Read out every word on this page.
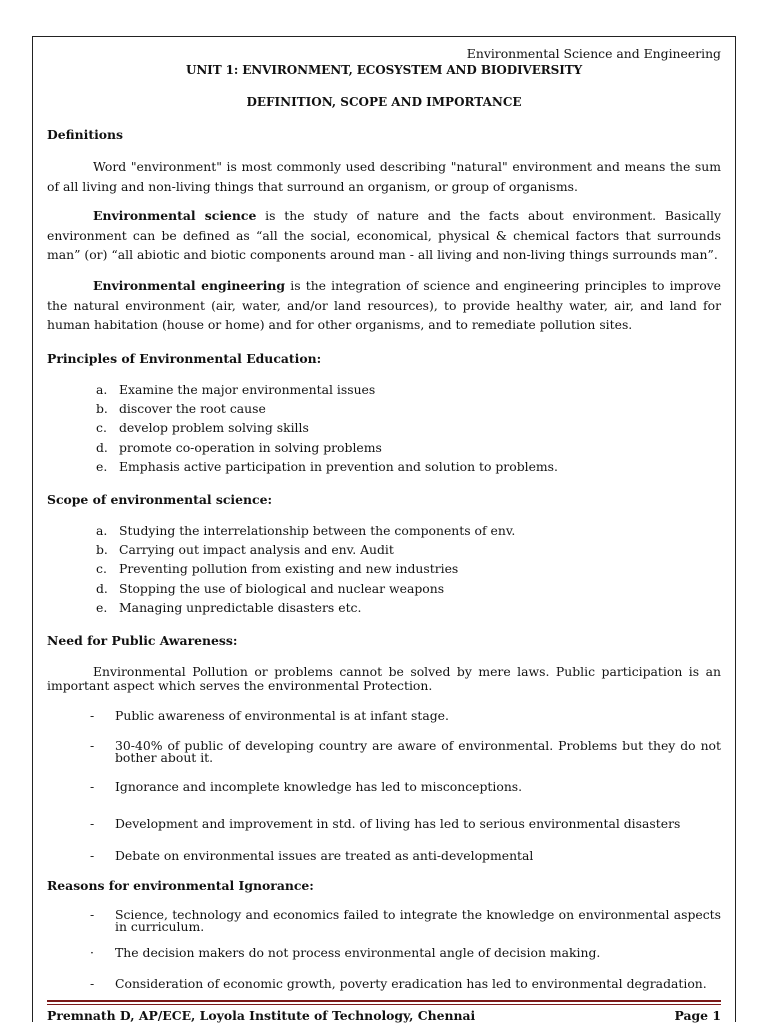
Environmental Science and Engineering
UNIT 1: ENVIRONMENT, ECOSYSTEM AND BIODIVERSITY
DEFINITION, SCOPE AND IMPORTANCE
Definitions
Word "environment" is most commonly used describing "natural" environment and means the sum of all living and non-living things that surround an organism, or group of organisms.
Environmental science is the study of nature and the facts about environment. Basically environment can be defined as “all the social, economical, physical & chemical factors that surrounds man” (or) “all abiotic and biotic components around man - all living and non-living things surrounds man”.
Environmental engineering is the integration of science and engineering principles to improve the natural environment (air, water, and/or land resources), to provide healthy water, air, and land for human habitation (house or home) and for other organisms, and to remediate pollution sites.
Principles of Environmental Education:
a. Examine the major environmental issues
b. discover the root cause
c. develop problem solving skills
d. promote co-operation in solving problems
e. Emphasis active participation in prevention and solution to problems.
Scope of environmental science:
a. Studying the interrelationship between the components of env.
b. Carrying out impact analysis and env. Audit
c. Preventing pollution from existing and new industries
d. Stopping the use of biological and nuclear weapons
e. Managing unpredictable disasters etc.
Need for Public Awareness:
Environmental Pollution or problems cannot be solved by mere laws. Public participation is an important aspect which serves the environmental Protection.
- Public awareness of environmental is at infant stage.
- 30-40% of public of developing country are aware of environmental. Problems but they do not bother about it.
- Ignorance and incomplete knowledge has led to misconceptions.
- Development and improvement in std. of living has led to serious environmental disasters
- Debate on environmental issues are treated as anti-developmental
Reasons for environmental Ignorance:
- Science, technology and economics failed to integrate the knowledge on environmental aspects in curriculum.
· The decision makers do not process environmental angle of decision making.
- Consideration of economic growth, poverty eradication has led to environmental degradation.
Premnath D, AP/ECE, Loyola Institute of Technology, Chennai	Page 1
